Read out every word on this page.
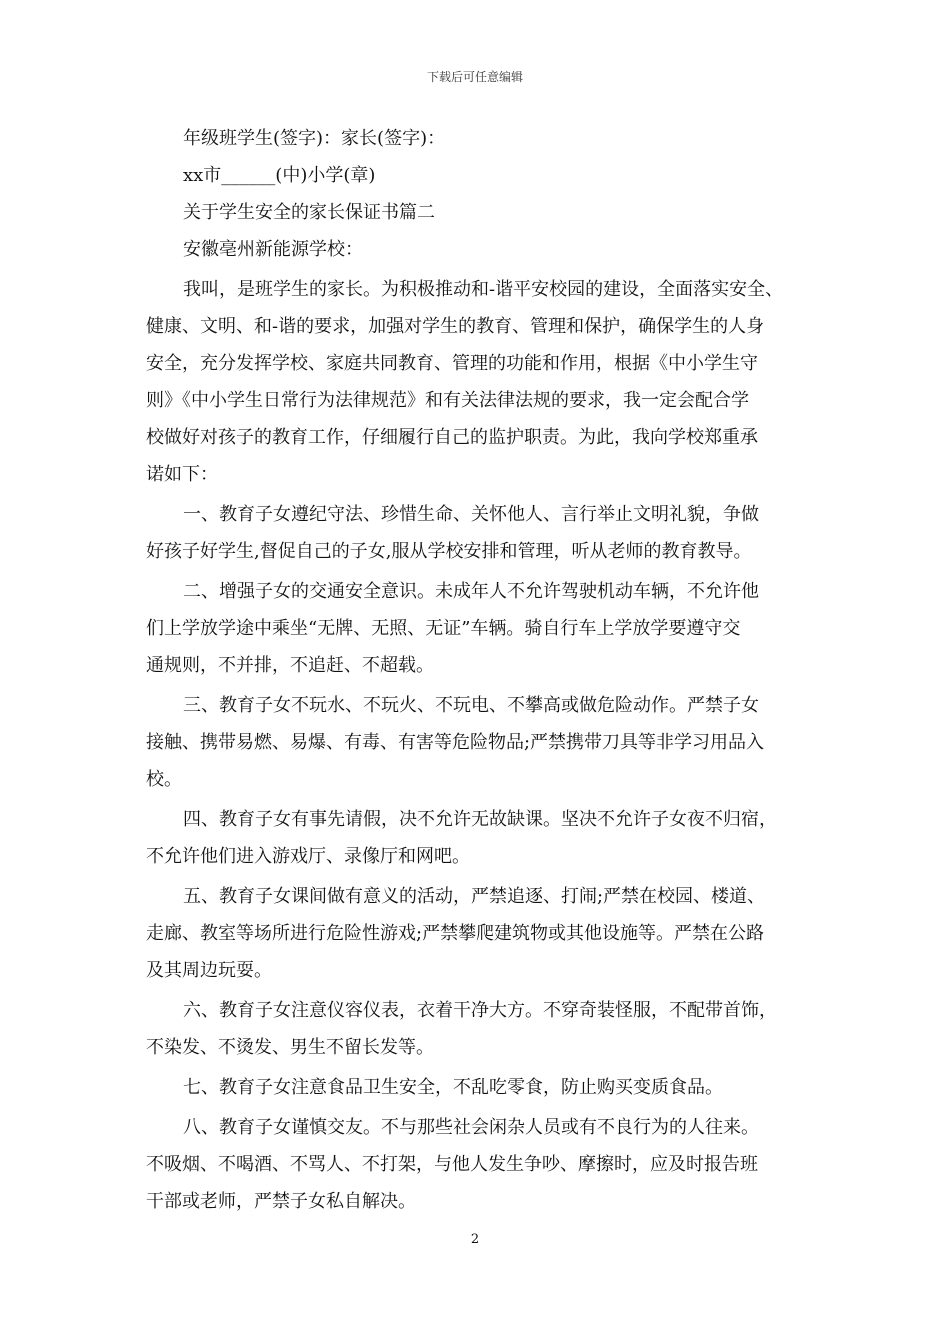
下载后可任意编辑
年级班学生(签字)：家长(签字)：
xx市______(中)小学(章)
关于学生安全的家长保证书篇二
安徽亳州新能源学校：
我叫，是班学生的家长。为积极推动和-谐平安校园的建设，全面落实安全、
健康、文明、和-谐的要求，加强对学生的教育、管理和保护，确保学生的人身
安全，充分发挥学校、家庭共同教育、管理的功能和作用，根据《中小学生守
则》《中小学生日常行为法律规范》和有关法律法规的要求，我一定会配合学
校做好对孩子的教育工作，仔细履行自己的监护职责。为此，我向学校郑重承
诺如下：
一、教育子女遵纪守法、珍惜生命、关怀他人、言行举止文明礼貌，争做
好孩子好学生,督促自己的子女,服从学校安排和管理，听从老师的教育教导。
二、增强子女的交通安全意识。未成年人不允许驾驶机动车辆，不允许他
们上学放学途中乘坐“无牌、无照、无证”车辆。骑自行车上学放学要遵守交
通规则，不并排，不追赶、不超载。
三、教育子女不玩水、不玩火、不玩电、不攀高或做危险动作。严禁子女
接触、携带易燃、易爆、有毒、有害等危险物品;严禁携带刀具等非学习用品入
校。
四、教育子女有事先请假，决不允许无故缺课。坚决不允许子女夜不归宿，
不允许他们进入游戏厅、录像厅和网吧。
五、教育子女课间做有意义的活动，严禁追逐、打闹;严禁在校园、楼道、
走廊、教室等场所进行危险性游戏;严禁攀爬建筑物或其他设施等。严禁在公路
及其周边玩耍。
六、教育子女注意仪容仪表，衣着干净大方。不穿奇装怪服，不配带首饰，
不染发、不烫发、男生不留长发等。
七、教育子女注意食品卫生安全，不乱吃零食，防止购买变质食品。
八、教育子女谨慎交友。不与那些社会闲杂人员或有不良行为的人往来。
不吸烟、不喝酒、不骂人、不打架，与他人发生争吵、摩擦时，应及时报告班
干部或老师，严禁子女私自解决。
2
